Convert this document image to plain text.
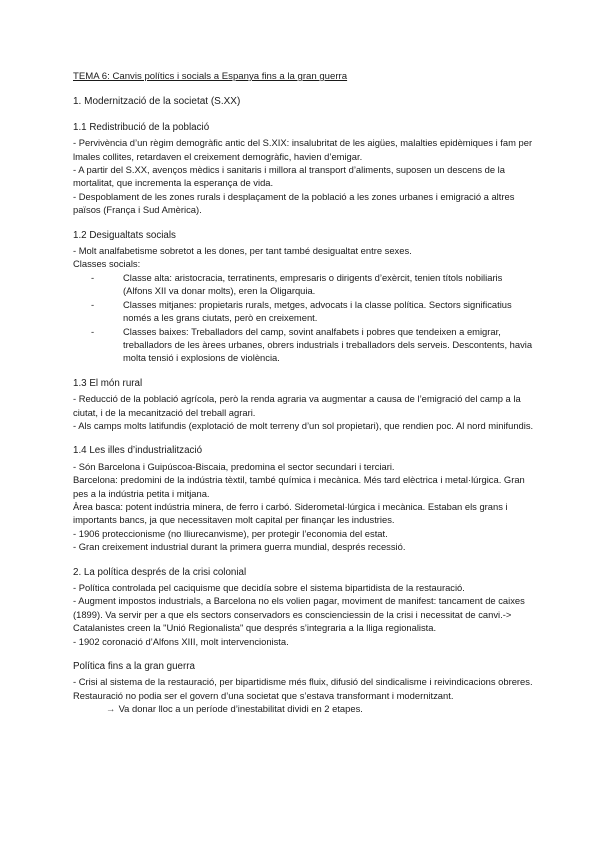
TEMA 6: Canvis polítics i socials a Espanya fins a la gran guerra

1. Modernització de la societat (S.XX)

1.1 Redistribució de la població

- Pervivència d’un règim demogràfic antic del S.XIX: insalubritat de les aigües, malalties epidèmiques i fam per lmales collites, retardaven el creixement demogràfic, havien d’emigar.

- A partir del S.XX, avenços mèdics i sanitaris i millora al transport d’aliments, suposen un descens de la mortalitat, que incrementa la esperança de vida.

- Despoblament de les zones rurals i desplaçament de la població a les zones urbanes i emigració a altres països (França i Sud Amèrica).

1.2 Desigualtats socials

- Molt analfabetisme sobretot a les dones, per tant també desigualtat entre sexes.

Classes socials:

- Classe alta: aristocracia, terratinents, empresaris o dirigents d’exèrcit, tenien títols nobiliaris (Alfons XII va donar molts), eren la Oligarquia.
- Classes mitjanes: propietaris rurals, metges, advocats i la classe política. Sectors significatius només a les grans ciutats, però en creixement.
- Classes baixes: Treballadors del camp, sovint analfabets i pobres que tendeixen a emigrar, treballadors de les àrees urbanes, obrers industrials i treballadors dels serveis. Descontents, havia molta tensió i explosions de violència.

1.3 El món rural

- Reducció de la població agrícola, però la renda agraria va augmentar a causa de l’emigració del camp a la ciutat, i de la mecanització del treball agrari.

- Als camps molts latifundis (explotació de molt terreny d’un sol propietari), que rendien poc. Al nord minifundis.

1.4 Les illes d’industrialització

- Són Barcelona i Guipúscoa-Biscaia, predomina el sector secundari i terciari.

Barcelona: predomini de la indústria tèxtil, també química i mecànica. Més tard elèctrica i metal·lúrgica. Gran pes a la indústria petita i mitjana.

Àrea basca: potent indústria minera, de ferro i carbó. Siderometal·lúrgica i mecànica. Estaban els grans i importants bancs, ja que necessitaven molt capital per finançar les industries.

- 1906 proteccionisme (no lliurecanvisme), per protegir l’economia del estat.

- Gran creixement industrial durant la primera guerra mundial, després recessió.

2. La política després de la crisi colonial

- Política controlada pel caciquisme que decidía sobre el sistema bipartidista de la restauració.

- Augment impostos industrials, a Barcelona no els volien pagar, moviment de manifest: tancament de caixes (1899). Va servir per a que els sectors conservadors es conscienciessin de la crisi i necessitat de canvi.-> Catalanistes creen la "Unió Regionalista" que després s’integraria a la lliga regionalista.

- 1902 coronació d’Alfons XIII, molt intervencionista.

Política fins a la gran guerra

- Crisi al sistema de la restauració, per bipartidisme més fluix, difusió del sindicalisme i reivindicacions obreres. Restauració no podia ser el govern d’una societat que s’estava transformant i modernitzant.

→ Va donar lloc a un període d’inestabilitat dividi en 2 etapes.
